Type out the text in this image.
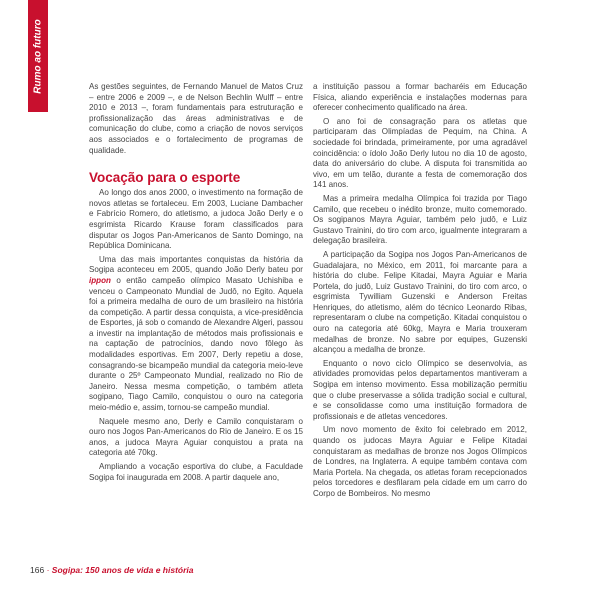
Rumo ao futuro	As gestões seguintes, de Fernando Manuel de Matos Cruz – entre 2006 e 2009 –, e de Nelson Bechlin Wulff – entre 2010 e 2013 –, foram fundamentais para estruturação e profissionalização das áreas administrativas e de comunicação do clube, como a criação de novos serviços aos associados e o fortalecimento de programas de qualidade.

Vocação para o esporte

Ao longo dos anos 2000, o investimento na formação de novos atletas se fortaleceu. Em 2003, Luciane Dambacher e Fabrício Romero, do atletismo, a judoca João Derly e o esgrimista Ricardo Krause foram classificados para disputar os Jogos Pan-Americanos de Santo Domingo, na República Dominicana.

Uma das mais importantes conquistas da história da Sogipa aconteceu em 2005, quando João Derly bateu por ippon o então campeão olímpico Masato Uchishiba e venceu o Campeonato Mundial de Judô, no Egito. Aquela foi a primeira medalha de ouro de um brasileiro na história da competição. A partir dessa conquista, a vice-presidência de Esportes, já sob o comando de Alexandre Algeri, passou a investir na implantação de métodos mais profissionais e na captação de patrocínios, dando novo fôlego às modalidades esportivas. Em 2007, Derly repetiu a dose, consagrando-se bicampeão mundial da categoria meio-leve durante o 25º Campeonato Mundial, realizado no Rio de Janeiro. Nessa mesma competição, o também atleta sogipano, Tiago Camilo, conquistou o ouro na categoria meio-médio e, assim, tornou-se campeão mundial.

Naquele mesmo ano, Derly e Camilo conquistaram o ouro nos Jogos Pan-Americanos do Rio de Janeiro. E os 15 anos, a judoca Mayra Aguiar conquistou a prata na categoria até 70kg.

Ampliando a vocação esportiva do clube, a Faculdade Sogipa foi inaugurada em 2008. A partir daquele ano,

a instituição passou a formar bacharéis em Educação Física, aliando experiência e instalações modernas para oferecer conhecimento qualificado na área.

O ano foi de consagração para os atletas que participaram das Olimpíadas de Pequim, na China. A sociedade foi brindada, primeiramente, por uma agradável coincidência: o ídolo João Derly lutou no dia 10 de agosto, data do aniversário do clube. A disputa foi transmitida ao vivo, em um telão, durante a festa de comemoração dos 141 anos.

Mas a primeira medalha Olímpica foi trazida por Tiago Camilo, que recebeu o inédito bronze, muito comemorado. Os sogipanos Mayra Aguiar, também pelo judô, e Luiz Gustavo Trainini, do tiro com arco, igualmente integraram a delegação brasileira.

A participação da Sogipa nos Jogos Pan-Americanos de Guadalajara, no México, em 2011, foi marcante para a história do clube. Felipe Kitadai, Mayra Aguiar e Maria Portela, do judô, Luiz Gustavo Trainini, do tiro com arco, o esgrimista Tywilliam Guzenski e Anderson Freitas Henriques, do atletismo, além do técnico Leonardo Ribas, representaram o clube na competição. Kitadai conquistou o ouro na categoria até 60kg, Mayra e Maria trouxeram medalhas de bronze. No sabre por equipes, Guzenski alcançou a medalha de bronze.

Enquanto o novo ciclo Olímpico se desenvolvia, as atividades promovidas pelos departamentos mantiveram a Sogipa em intenso movimento. Essa mobilização permitiu que o clube preservasse a sólida tradição social e cultural, e se consolidasse como uma instituição formadora de profissionais e de atletas vencedores.

Um novo momento de êxito foi celebrado em 2012, quando os judocas Mayra Aguiar e Felipe Kitadai conquistaram as medalhas de bronze nos Jogos Olímpicos de Londres, na Inglaterra. A equipe também contava com Maria Portela. Na chegada, os atletas foram recepcionados pelos torcedores e desfilaram pela cidade em um carro do Corpo de Bombeiros. No mesmo

166 · Sogipa: 150 anos de vida e história
